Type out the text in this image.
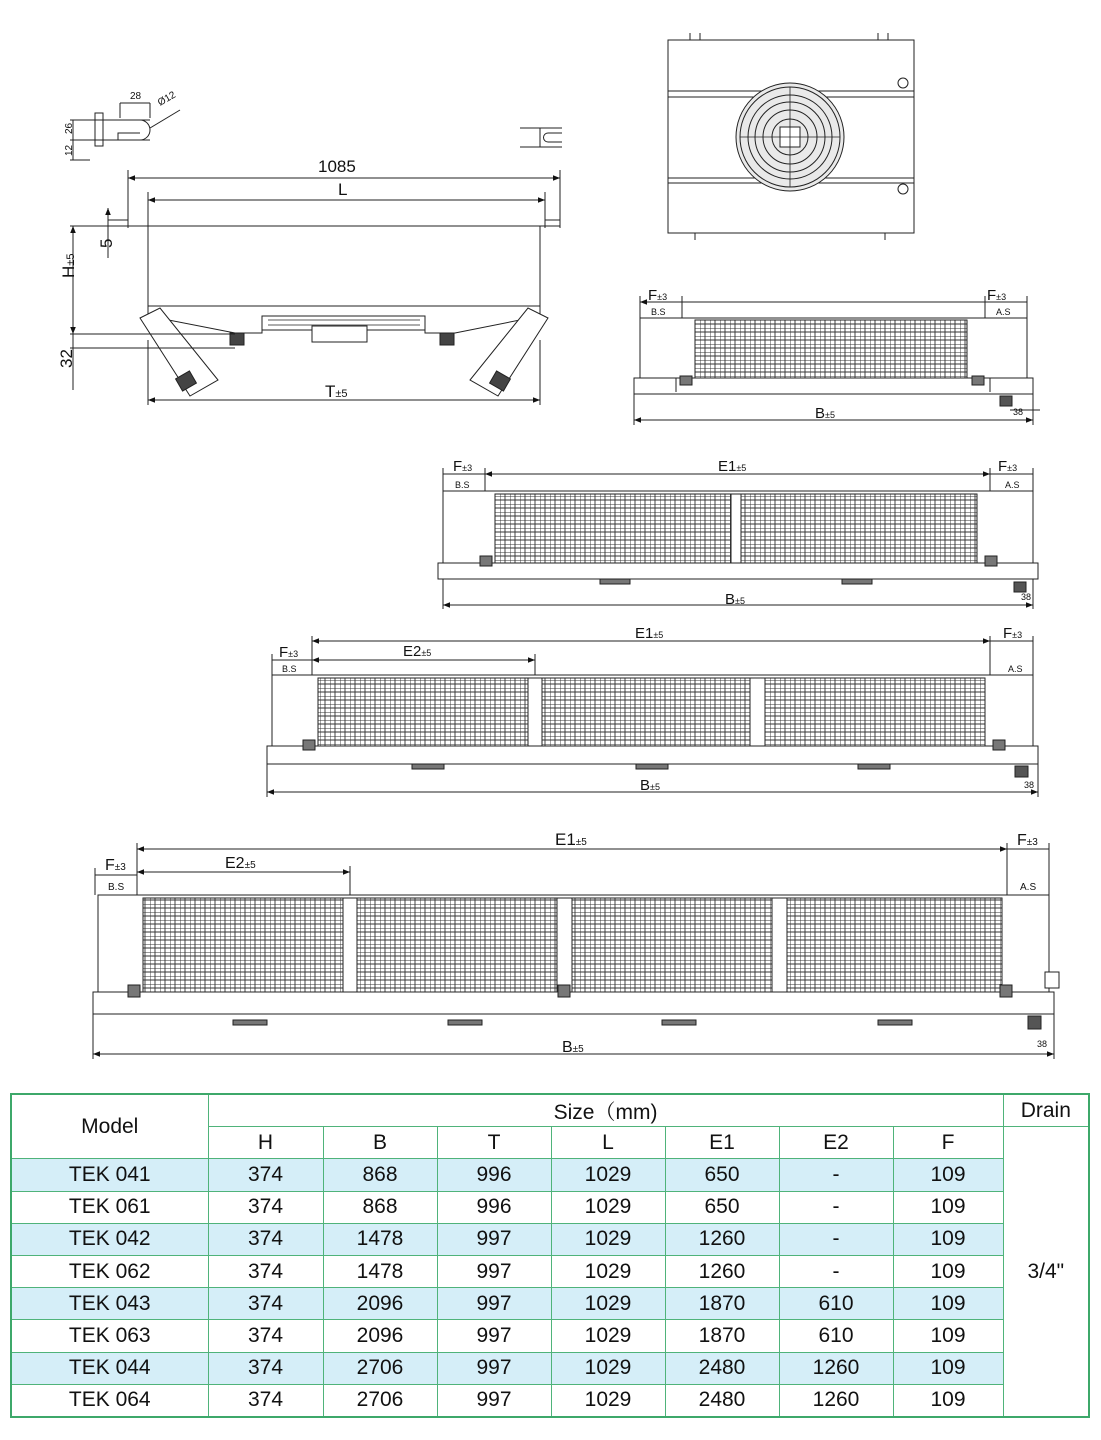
28
26
12
Ø12
1085
L
5
H±5
32
T±5
F±3	F±3
B.S	A.S
B±5	38
F±3	E1±5	F±3
B.S	A.S
B±5	38
F±3	E2±5
E1±5	F±3
B.S	A.S
B±5	38
F±3	E2±5
E1±5	F±3
B.S	A.S
B±5	38
Model	Size（mm)							Drain
	H	B	T	L	E1	E2	F	3/4"
TEK 041	374	868	996	1029	650	-	109	
TEK 061	374	868	996	1029	650	-	109	
TEK 042	374	1478	997	1029	1260	-	109	
TEK 062	374	1478	997	1029	1260	-	109	
TEK 043	374	2096	997	1029	1870	610	109	
TEK 063	374	2096	997	1029	1870	610	109	
TEK 044	374	2706	997	1029	2480	1260	109	
TEK 064	374	2706	997	1029	2480	1260	109	
